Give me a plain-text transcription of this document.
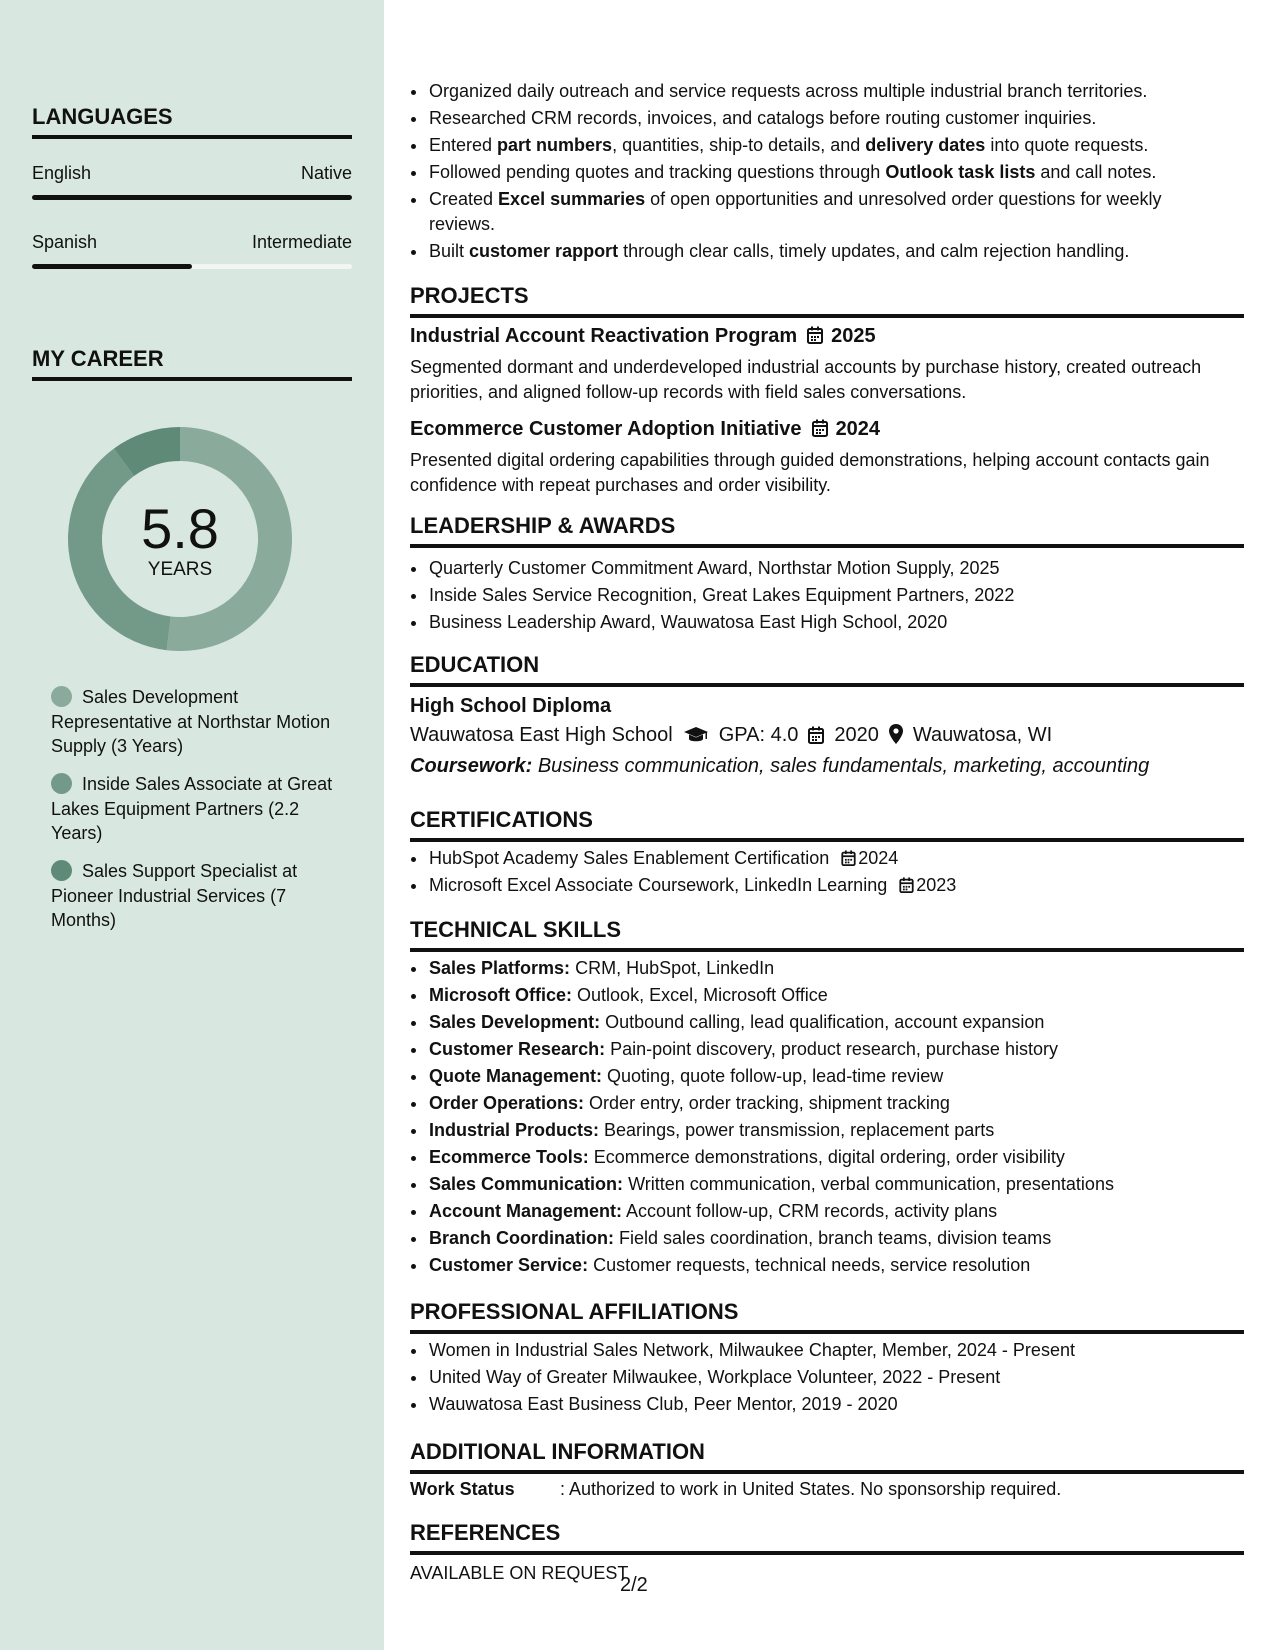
LANGUAGES
English	Native
Spanish	Intermediate
MY CAREER
5.8
YEARS
Sales Development Representative at Northstar Motion Supply (3 Years)
Inside Sales Associate at Great Lakes Equipment Partners (2.2 Years)
Sales Support Specialist at Pioneer Industrial Services (7 Months)
• Organized daily outreach and service requests across multiple industrial branch territories.
• Researched CRM records, invoices, and catalogs before routing customer inquiries.
• Entered part numbers, quantities, ship-to details, and delivery dates into quote requests.
• Followed pending quotes and tracking questions through Outlook task lists and call notes.
• Created Excel summaries of open opportunities and unresolved order questions for weekly reviews.
• Built customer rapport through clear calls, timely updates, and calm rejection handling.
PROJECTS
Industrial Account Reactivation Program 2025
Segmented dormant and underdeveloped industrial accounts by purchase history, created outreach priorities, and aligned follow-up records with field sales conversations.
Ecommerce Customer Adoption Initiative 2024
Presented digital ordering capabilities through guided demonstrations, helping account contacts gain confidence with repeat purchases and order visibility.
LEADERSHIP & AWARDS
• Quarterly Customer Commitment Award, Northstar Motion Supply, 2025
• Inside Sales Service Recognition, Great Lakes Equipment Partners, 2022
• Business Leadership Award, Wauwatosa East High School, 2020
EDUCATION
High School Diploma
Wauwatosa East High School GPA: 4.0 2020 Wauwatosa, WI
Coursework: Business communication, sales fundamentals, marketing, accounting
CERTIFICATIONS
• HubSpot Academy Sales Enablement Certification 2024
• Microsoft Excel Associate Coursework, LinkedIn Learning 2023
TECHNICAL SKILLS
• Sales Platforms: CRM, HubSpot, LinkedIn
• Microsoft Office: Outlook, Excel, Microsoft Office
• Sales Development: Outbound calling, lead qualification, account expansion
• Customer Research: Pain-point discovery, product research, purchase history
• Quote Management: Quoting, quote follow-up, lead-time review
• Order Operations: Order entry, order tracking, shipment tracking
• Industrial Products: Bearings, power transmission, replacement parts
• Ecommerce Tools: Ecommerce demonstrations, digital ordering, order visibility
• Sales Communication: Written communication, verbal communication, presentations
• Account Management: Account follow-up, CRM records, activity plans
• Branch Coordination: Field sales coordination, branch teams, division teams
• Customer Service: Customer requests, technical needs, service resolution
PROFESSIONAL AFFILIATIONS
• Women in Industrial Sales Network, Milwaukee Chapter, Member, 2024 - Present
• United Way of Greater Milwaukee, Workplace Volunteer, 2022 - Present
• Wauwatosa East Business Club, Peer Mentor, 2019 - 2020
ADDITIONAL INFORMATION
Work Status	: Authorized to work in United States. No sponsorship required.
REFERENCES
AVAILABLE ON REQUEST
2/2
